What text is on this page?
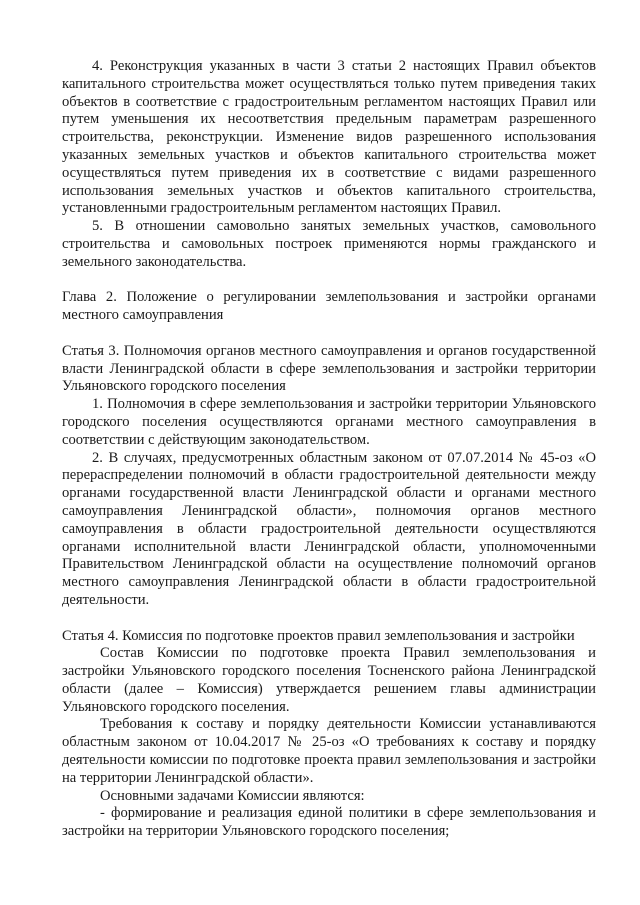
4. Реконструкция указанных в части 3 статьи 2 настоящих Правил объектов капитального строительства может осуществляться только путем приведения таких объектов в соответствие с градостроительным регламентом настоящих Правил или путем уменьшения их несоответствия предельным параметрам разрешенного строительства, реконструкции. Изменение видов разрешенного использования указанных земельных участков и объектов капитального строительства может осуществляться путем приведения их в соответствие с видами разрешенного использования земельных участков и объектов капитального строительства, установленными градостроительным регламентом настоящих Правил.

5. В отношении самовольно занятых земельных участков, самовольного строительства и самовольных построек применяются нормы гражданского и земельного законодательства.

Глава 2. Положение о регулировании землепользования и застройки органами местного самоуправления

Статья 3. Полномочия органов местного самоуправления и органов государственной власти Ленинградской области в сфере землепользования и застройки территории Ульяновского городского поселения

1. Полномочия в сфере землепользования и застройки территории Ульяновского городского поселения осуществляются органами местного самоуправления в соответствии с действующим законодательством.

2. В случаях, предусмотренных областным законом от 07.07.2014 № 45-оз «О перераспределении полномочий в области градостроительной деятельности между органами государственной власти Ленинградской области и органами местного самоуправления Ленинградской области», полномочия органов местного самоуправления в области градостроительной деятельности осуществляются органами исполнительной власти Ленинградской области, уполномоченными Правительством Ленинградской области на осуществление полномочий органов местного самоуправления Ленинградской области в области градостроительной деятельности.

Статья 4. Комиссия по подготовке проектов правил землепользования и застройки

Состав Комиссии по подготовке проекта Правил землепользования и застройки Ульяновского городского поселения Тосненского района Ленинградской области (далее – Комиссия) утверждается решением главы администрации Ульяновского городского поселения.

Требования к составу и порядку деятельности Комиссии устанавливаются областным законом от 10.04.2017 № 25-оз «О требованиях к составу и порядку деятельности комиссии по подготовке проекта правил землепользования и застройки на территории Ленинградской области».

Основными задачами Комиссии являются:

- формирование и реализация единой политики в сфере землепользования и застройки на территории Ульяновского городского поселения;
